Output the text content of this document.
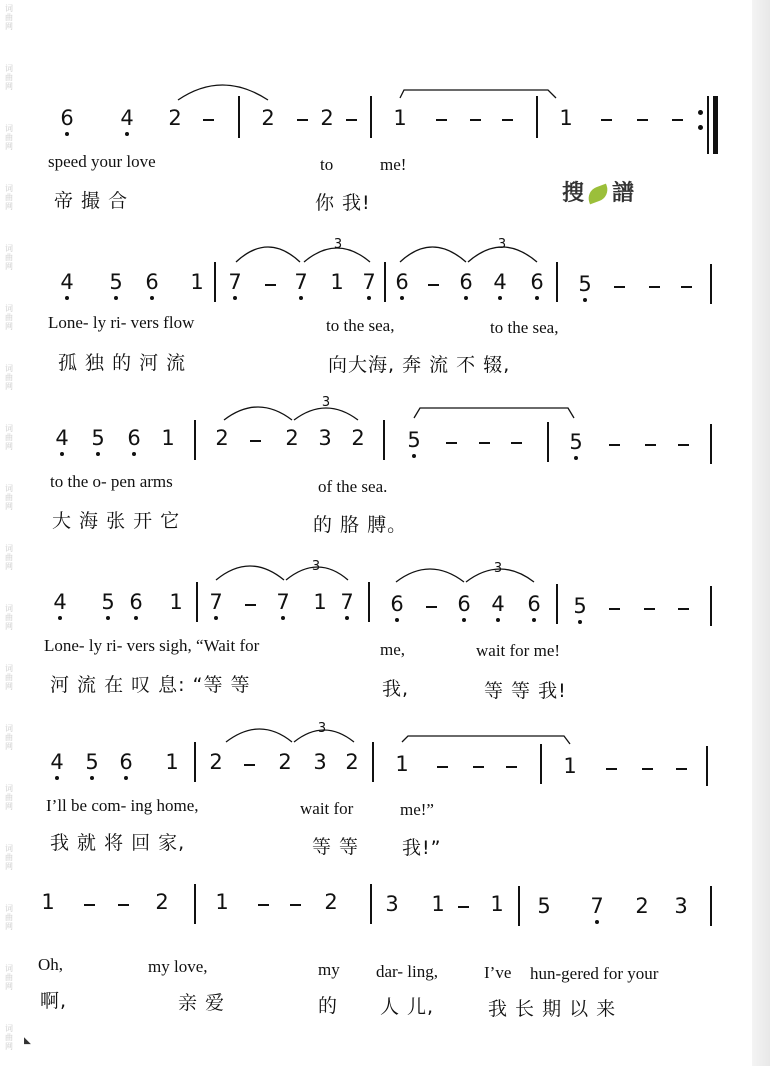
词
曲
网
词
曲
网
词
曲
网
词
曲
网
词
曲
网
词
曲
网
词
曲
网
词
曲
网
词
曲
网
词
曲
网
词
曲
网
词
曲
网
词
曲
网
词
曲
网
词
曲
网
词
曲
网
词
曲
网
词
曲
网
搜 譜
6 4 2	2 2	1	1
speed your love	to	me!
帝 撮 合	你 我!
4 5 6 1 7	7 1 7 6 6 4 6 5
Lone- ly ri- vers flow	to the sea,	to the sea,
孤 独 的 河 流	向大海, 奔 流 不 辍,
4 5 6 1 2	2 3 2 5	5
to the o- pen arms	of the sea.
大 海 张 开 它	的 胳 膊。
4 5 6 1 7	7 1 7 6	6 4 6 5
Lone- ly ri- vers sigh, “Wait for	me,	wait for me!
河 流 在 叹 息: “等 等	我,	等 等 我!
4 5 6 1 2	2 3 2 1	1
I’ll be com- ing home,	wait for	me!”
我 就 将 回 家,	等 等 我!”
1	2 1	2 3 1 1 5 7 2 3
Oh,	my love,	my dar- ling,	I’ve hun-gered for your
啊,	亲 爱	的 人 儿,	我 长 期 以 来
3	3
3
3	3
3
◣
